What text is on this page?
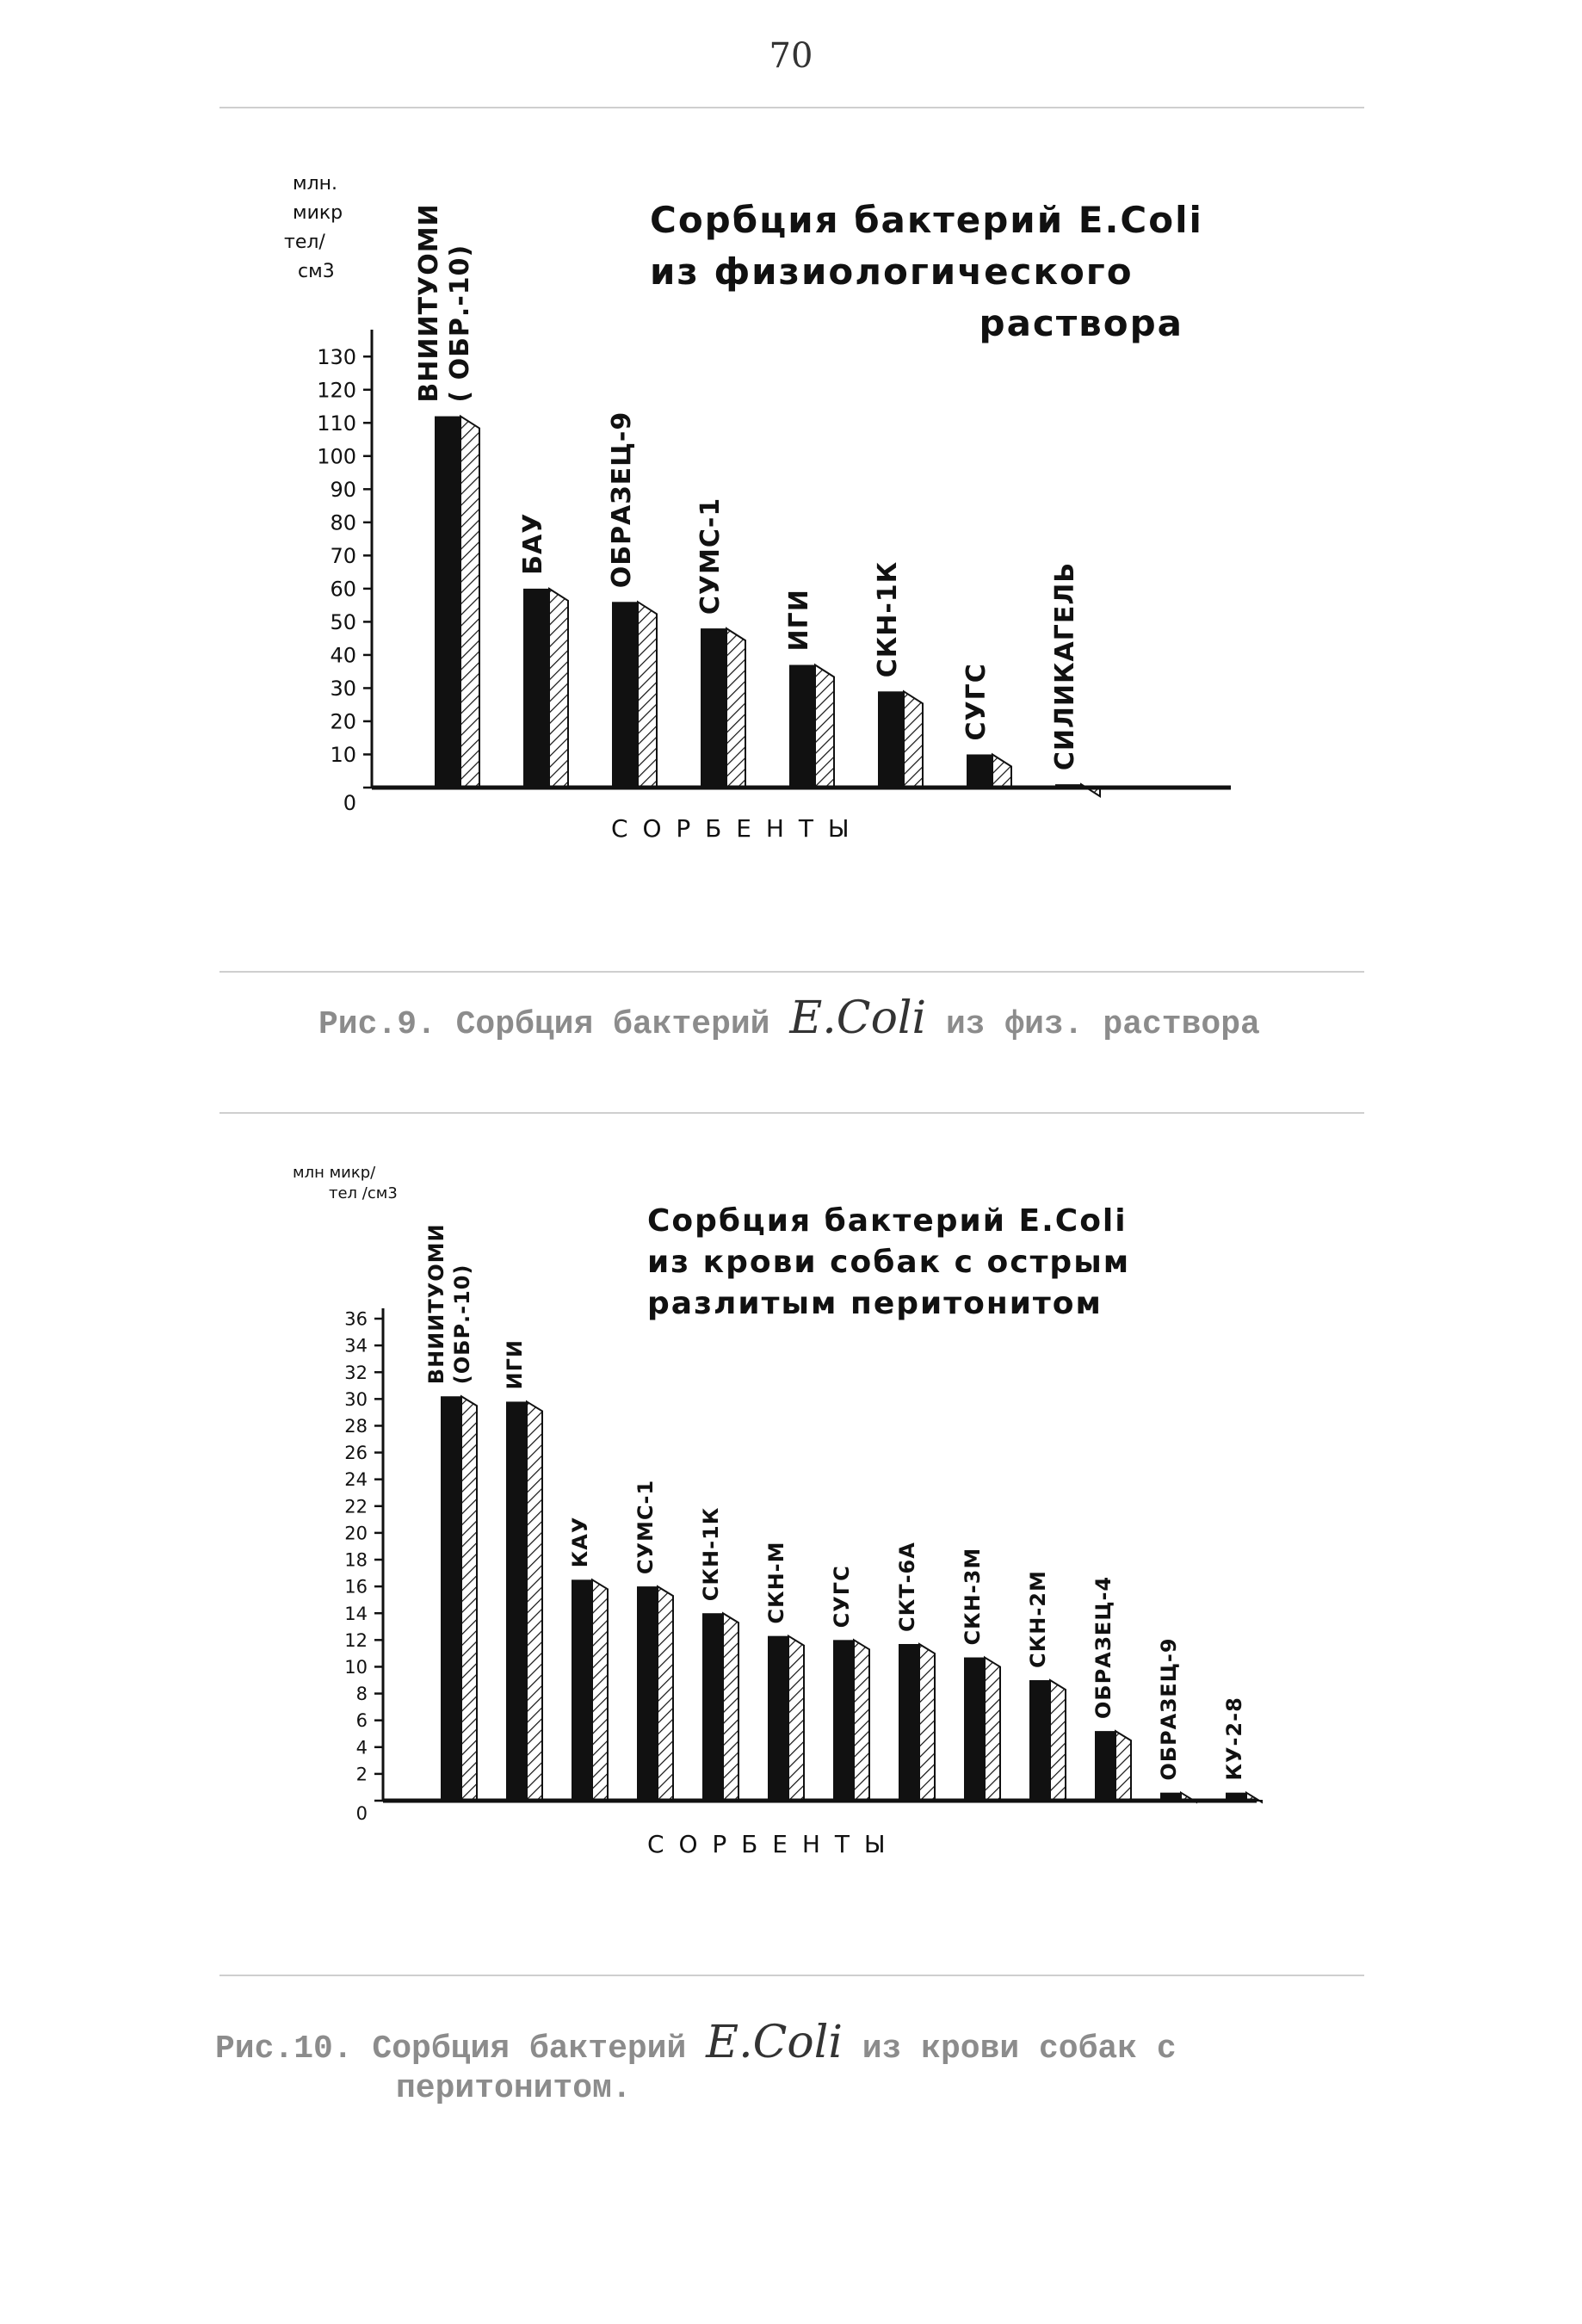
70
0
10
20
30
40
50
60
70
80
90
100
110
120
130
млн.
микр
тел/
см3
Сорбция бактерий E.Coli
из физиологического
раствора
С О Р Б Е Н Т Ы
ВНИИТУОМИ ( ОБР.-10)
БАУ ОБРАЗЕЦ-9 СУМС-1
ИГИ СКН-1К
СУГС СИЛИКАГЕЛЬ
Рис.9. Сорбция бактерий E.Coli из физ. раствора
0
2
4
6
8
10
12
14
16
18
20
22
24
26
28
30
32
34
36
млн микр/
тел /см3
Сорбция бактерий E.Coli
из крови собак с острым
разлитым перитонитом
С О Р Б Е Н Т Ы
ВНИИТУОМИ (ОБР.-10) ИГИ
КАУ СУМС-1 СКН-1К СКН-М СУГС СКТ-6А СКН-3М СКН-2М ОБРАЗЕЦ-4 ОБРАЗЕЦ-9 КУ-2-8
Рис.10. Сорбция бактерий E.Coli из крови собак с
перитонитом.
